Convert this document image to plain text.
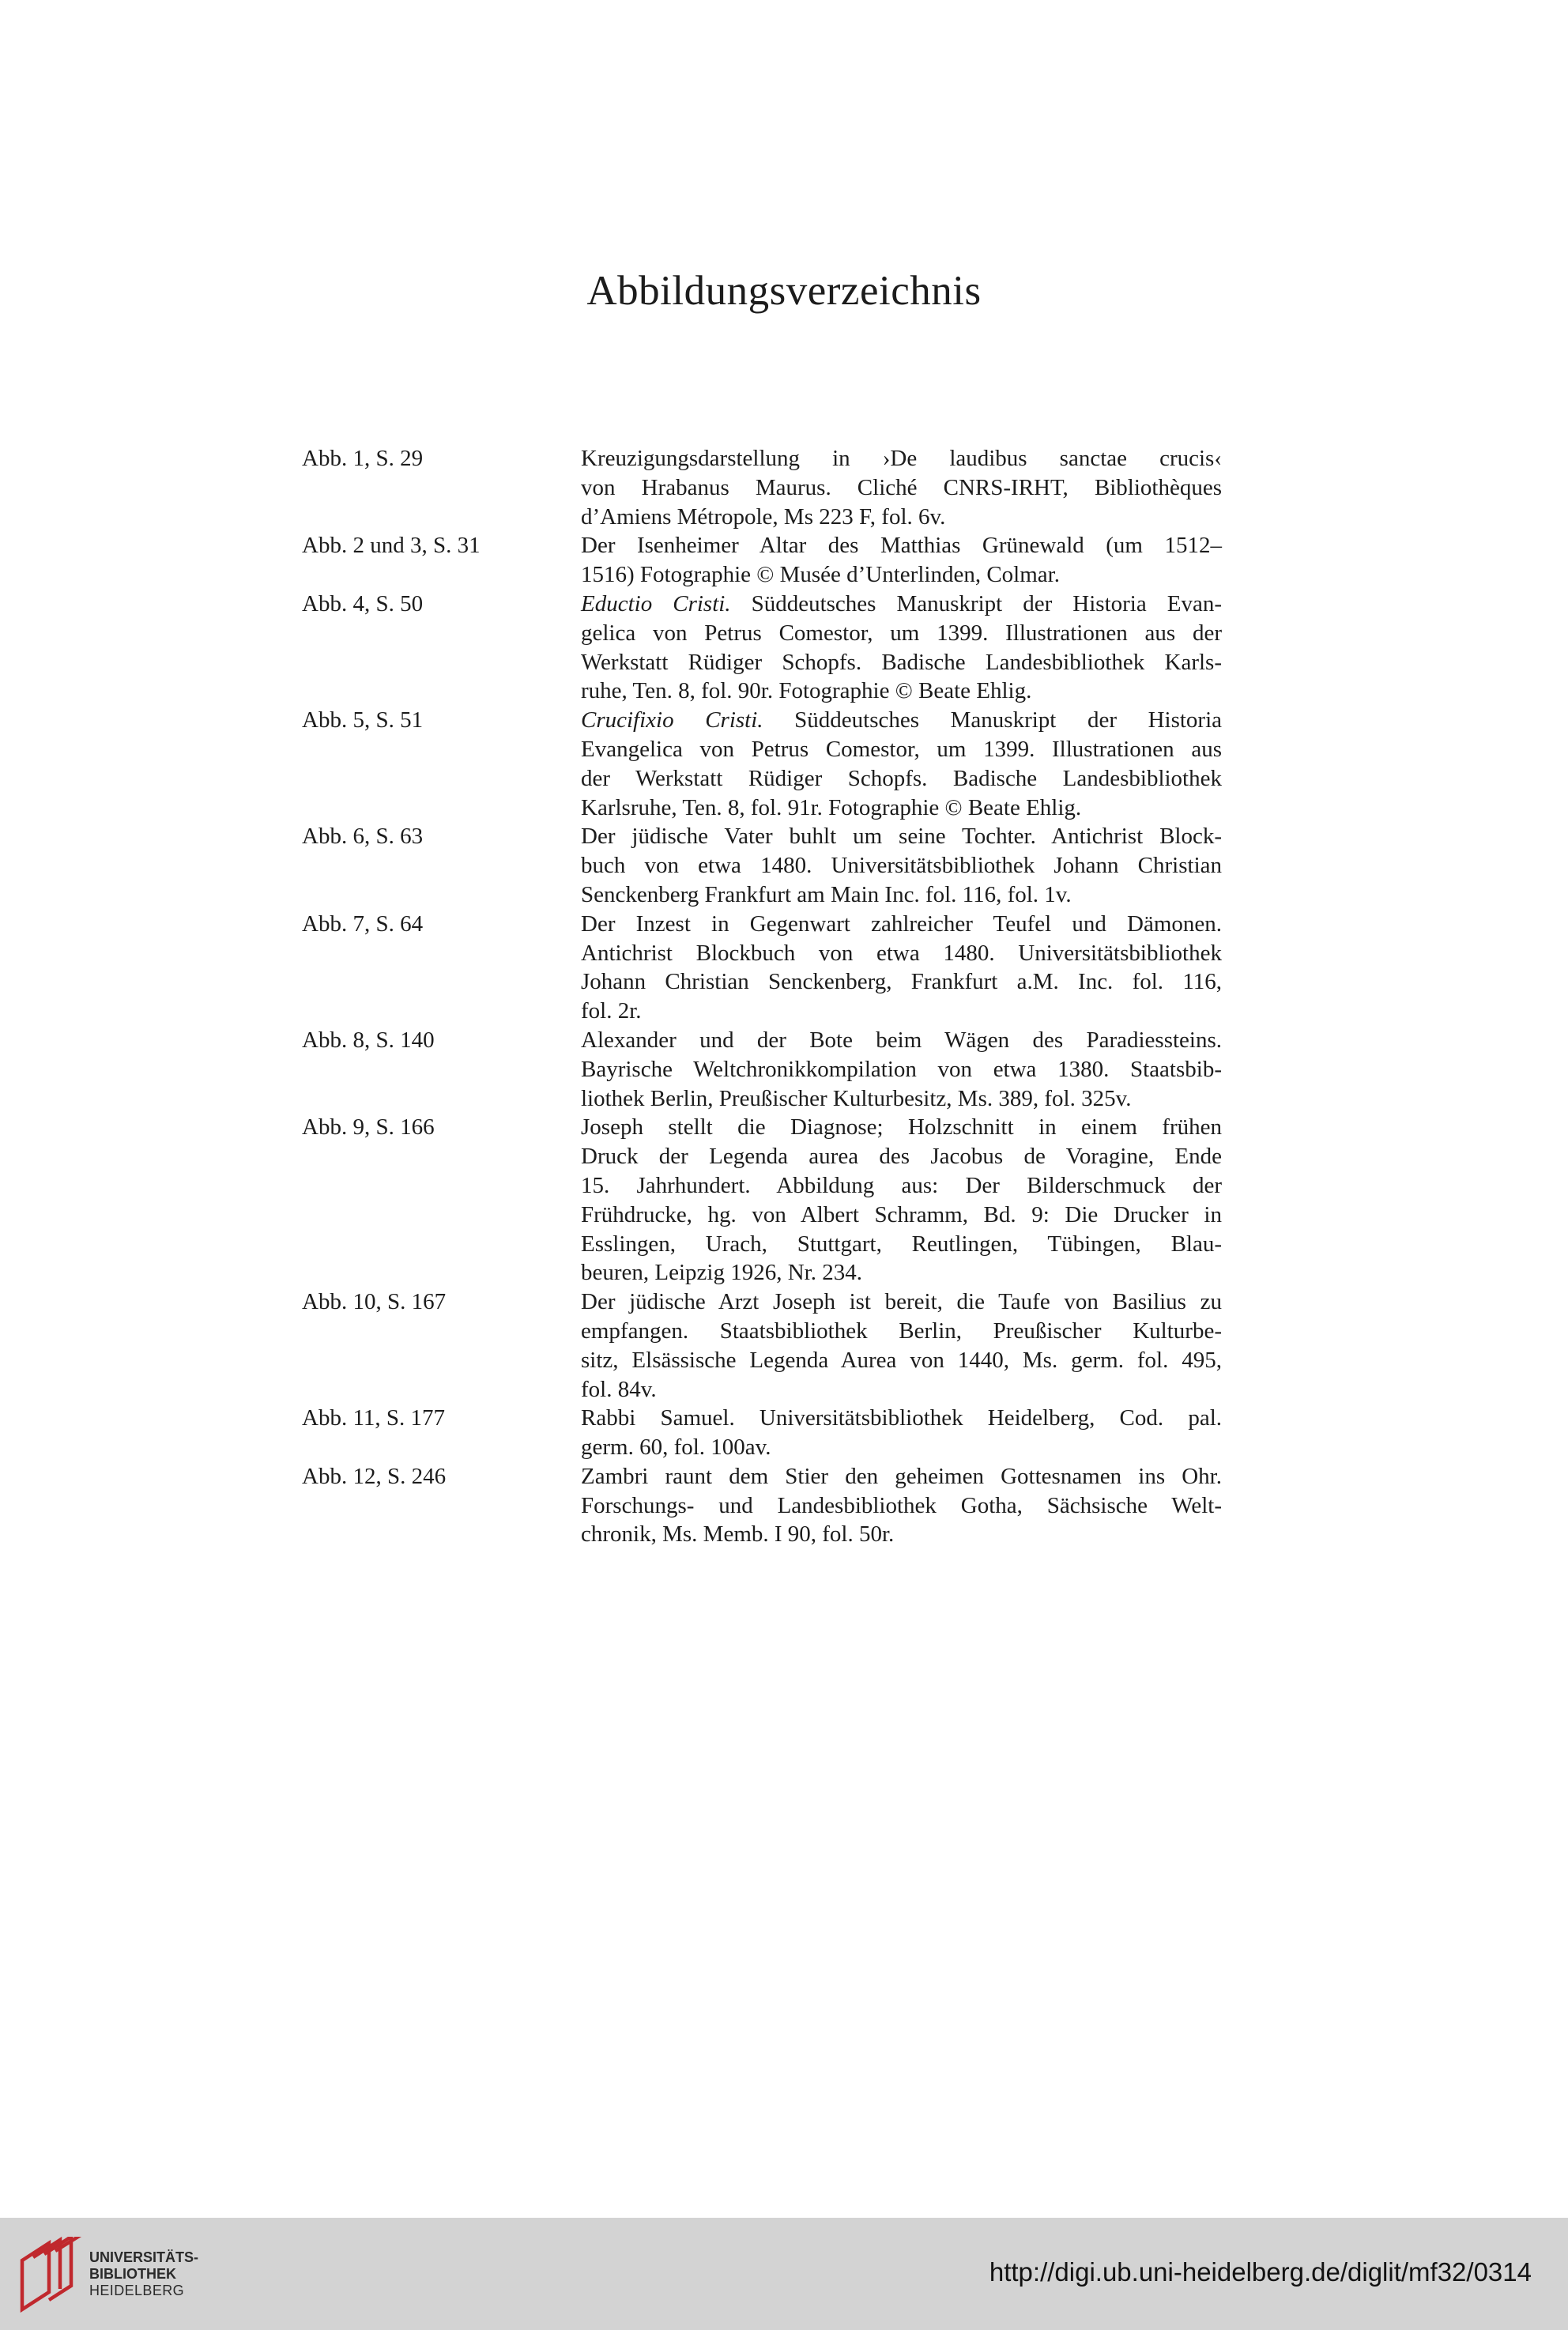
Abbildungsverzeichnis
Abb. 1, S. 29	Kreuzigungsdarstellung in ›De laudibus sanctae crucis‹
von Hrabanus Maurus. Cliché CNRS-IRHT, Bibliothèques
d’Amiens Métropole, Ms 223 F, fol. 6v.
Abb. 2 und 3, S. 31	Der Isenheimer Altar des Matthias Grünewald (um 1512–
1516) Fotographie © Musée d’Unterlinden, Colmar.
Abb. 4, S. 50	Eductio Cristi. Süddeutsches Manuskript der Historia Evan-
gelica von Petrus Comestor, um 1399. Illustrationen aus der
Werkstatt Rüdiger Schopfs. Badische Landesbibliothek Karls-
ruhe, Ten. 8, fol. 90r. Fotographie © Beate Ehlig.
Abb. 5, S. 51	Crucifixio Cristi. Süddeutsches Manuskript der Historia
Evangelica von Petrus Comestor, um 1399. Illustrationen aus
der Werkstatt Rüdiger Schopfs. Badische Landesbibliothek
Karlsruhe, Ten. 8, fol. 91r. Fotographie © Beate Ehlig.
Abb. 6, S. 63	Der jüdische Vater buhlt um seine Tochter. Antichrist Block-
buch von etwa 1480. Universitätsbibliothek Johann Christian
Senckenberg Frankfurt am Main Inc. fol. 116, fol. 1v.
Abb. 7, S. 64	Der Inzest in Gegenwart zahlreicher Teufel und Dämonen.
Antichrist Blockbuch von etwa 1480. Universitätsbibliothek
Johann Christian Senckenberg, Frankfurt a.M. Inc. fol. 116,
fol. 2r.
Abb. 8, S. 140	Alexander und der Bote beim Wägen des Paradiessteins.
Bayrische Weltchronikkompilation von etwa 1380. Staatsbib-
liothek Berlin, Preußischer Kulturbesitz, Ms. 389, fol. 325v.
Abb. 9, S. 166	Joseph stellt die Diagnose; Holzschnitt in einem frühen
Druck der Legenda aurea des Jacobus de Voragine, Ende
15. Jahrhundert. Abbildung aus: Der Bilderschmuck der
Frühdrucke, hg. von Albert Schramm, Bd. 9: Die Drucker in
Esslingen, Urach, Stuttgart, Reutlingen, Tübingen, Blau-
beuren, Leipzig 1926, Nr. 234.
Abb. 10, S. 167	Der jüdische Arzt Joseph ist bereit, die Taufe von Basilius zu
empfangen. Staatsbibliothek Berlin, Preußischer Kulturbe-
sitz, Elsässische Legenda Aurea von 1440, Ms. germ. fol. 495,
fol. 84v.
Abb. 11, S. 177	Rabbi Samuel. Universitätsbibliothek Heidelberg, Cod. pal.
germ. 60, fol. 100av.
Abb. 12, S. 246	Zambri raunt dem Stier den geheimen Gottesnamen ins Ohr.
Forschungs- und Landesbibliothek Gotha, Sächsische Welt-
chronik, Ms. Memb. I 90, fol. 50r.
UNIVERSITÄTS-
BIBLIOTHEK
HEIDELBERG
http://digi.ub.uni-heidelberg.de/diglit/mf32/0314
